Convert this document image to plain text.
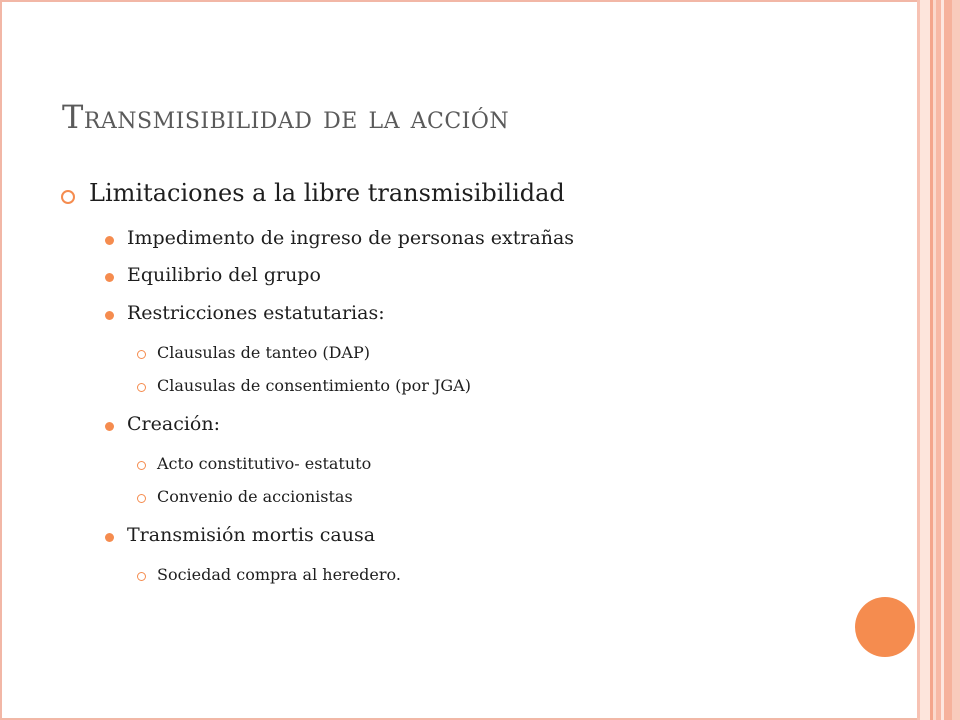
Transmisibilidad de la acción
Limitaciones a la libre transmisibilidad
Impedimento de ingreso de personas extrañas
Equilibrio del grupo
Restricciones estatutarias:
Clausulas de tanteo (DAP)
Clausulas de consentimiento (por JGA)
Creación:
Acto constitutivo- estatuto
Convenio de accionistas
Transmisión mortis causa
Sociedad compra al heredero.
